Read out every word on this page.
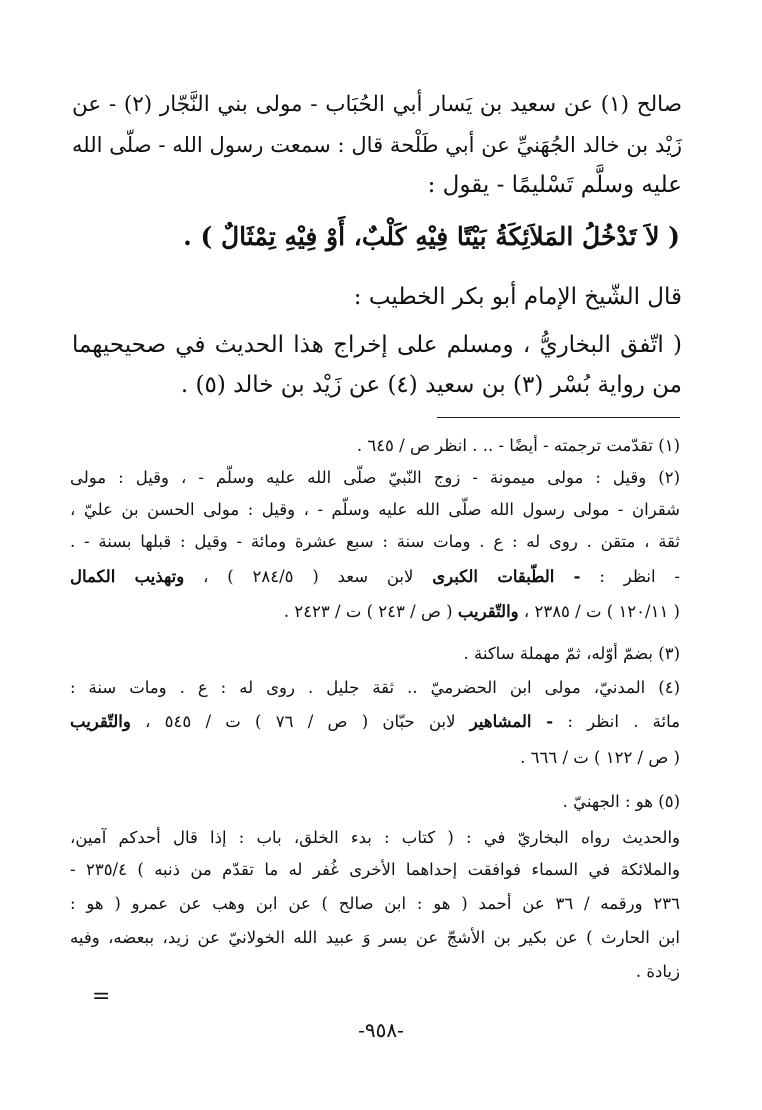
صالح (١) عن سعيد بن يَسار أبي الحُبَاب - مولى بني النَّجّار (٢) - عن
زَيْد بن خالد الجُهَنيِّ عن أبي طَلْحة قال : سمعت رسول الله - صلّى الله
عليه وسلَّم تَسْليمًا - يقول :
( لاَ تَدْخُلُ المَلاَئِكَةُ بَيْتًا فِيْهِ كَلْبٌ، أَوْ فِيْهِ تِمْثَالٌ ) .
قال الشّيخ الإمام أبو بكر الخطيب :
( اتّفق البخاريُّ ، ومسلم على إخراج هذا الحديث في صحيحيهما
من رواية بُسْر (٣) بن سعيد (٤) عن زَيْد بن خالد (٥) .
(١) تقدّمت ترجمته - أيضًا - .. . انظر ص / ٦٤٥ .
(٢) وقيل : مولى ميمونة - زوج النّبيّ صلّى الله عليه وسلّم - ، وقيل : مولى
شقران - مولى رسول الله صلّى الله عليه وسلّم - ، وقيل : مولى الحسن بن عليّ ،
ثقة ، متقن . روى له : ع . ومات سنة : سبع عشرة ومائة - وقيل : قبلها بسنة - .
- انظر : - الطّبقات الكبرى لابن سعد ( ٢٨٤/٥ ) ، وتهذيب الكمال
( ١٢٠/١١ ) ت / ٢٣٨٥ ، والتّقريب ( ص / ٢٤٣ ) ت / ٢٤٢٣ .
(٣) بضمّ أوّله، ثمّ مهملة ساكنة .
(٤) المدنيّ، مولى ابن الحضرميّ .. ثقة جليل . روى له : ع . ومات سنة :
مائة . انظر : - المشاهير لابن حبّان ( ص / ٧٦ ) ت / ٥٤٥ ، والتّقريب
( ص / ١٢٢ ) ت / ٦٦٦ .
(٥) هو : الجهنيّ .
والحديث رواه البخاريّ في : ( كتاب : بدء الخلق، باب : إذا قال أحدكم آمين،
والملائكة في السماء فوافقت إحداهما الأخرى غُفر له ما تقدّم من ذنبه ) ٢٣٥/٤ -
٢٣٦ ورقمه / ٣٦ عن أحمد ( هو : ابن صالح ) عن ابن وهب عن عمرو ( هو :
ابن الحارث ) عن بكير بن الأشجّ عن بسر وَ عبيد الله الخولانيّ عن زيد، ببعضه، وفيه
زيادة .
=
-٩٥٨-
